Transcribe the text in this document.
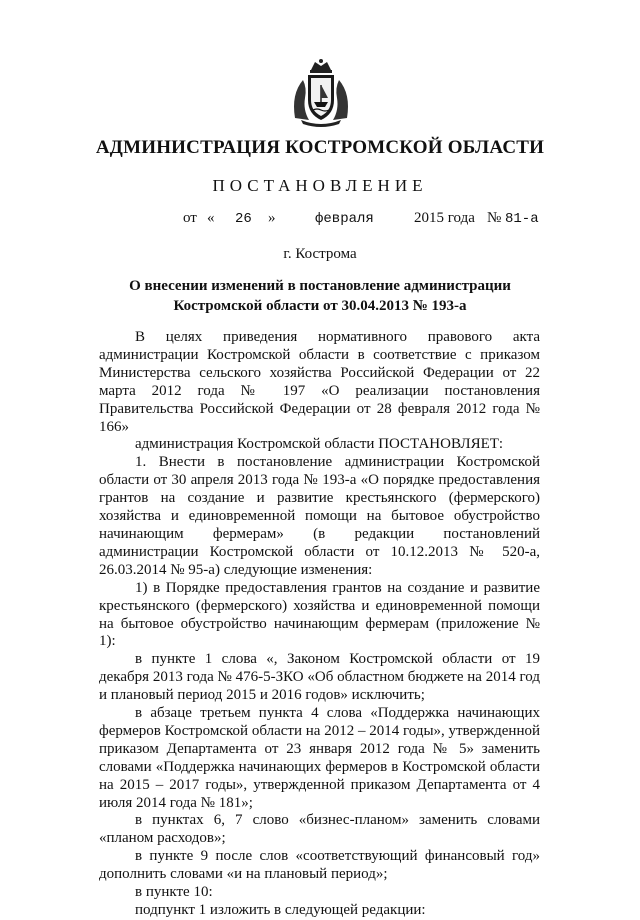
АДМИНИСТРАЦИЯ КОСТРОМСКОЙ ОБЛАСТИ
ПОСТАНОВЛЕНИЕ
от « 26 »	февраля	2015 года № 81-а
г. Кострома
О внесении изменений в постановление администрации
Костромской области от 30.04.2013 № 193-а

В целях приведения нормативного правового акта администрации Костромской области в соответствие с приказом Министерства сельского хозяйства Российской Федерации от 22 марта 2012 года № 197 «О реализации постановления Правительства Российской Федерации от 28 февраля 2012 года № 166»

администрация Костромской области ПОСТАНОВЛЯЕТ:

1. Внести в постановление администрации Костромской области от 30 апреля 2013 года № 193-а «О порядке предоставления грантов на создание и развитие крестьянского (фермерского) хозяйства и единовременной помощи на бытовое обустройство начинающим фермерам» (в редакции постановлений администрации Костромской области от 10.12.2013 № 520-а, 26.03.2014 № 95-а) следующие изменения:

1) в Порядке предоставления грантов на создание и развитие крестьянского (фермерского) хозяйства и единовременной помощи на бытовое обустройство начинающим фермерам (приложение № 1):

в пункте 1 слова «, Законом Костромской области от 19 декабря 2013 года № 476-5-ЗКО «Об областном бюджете на 2014 год и плановый период 2015 и 2016 годов» исключить;

в абзаце третьем пункта 4 слова «Поддержка начинающих фермеров Костромской области на 2012 – 2014 годы», утвержденной приказом Департамента от 23 января 2012 года № 5» заменить словами «Поддержка начинающих фермеров в Костромской области на 2015 – 2017 годы», утвержденной приказом Департамента от 4 июля 2014 года № 181»;

в пунктах 6, 7 слово «бизнес-планом» заменить словами «планом расходов»;

в пункте 9 после слов «соответствующий финансовый год» дополнить словами «и на плановый период»;

в пункте 10:

подпункт 1 изложить в следующей редакции:
